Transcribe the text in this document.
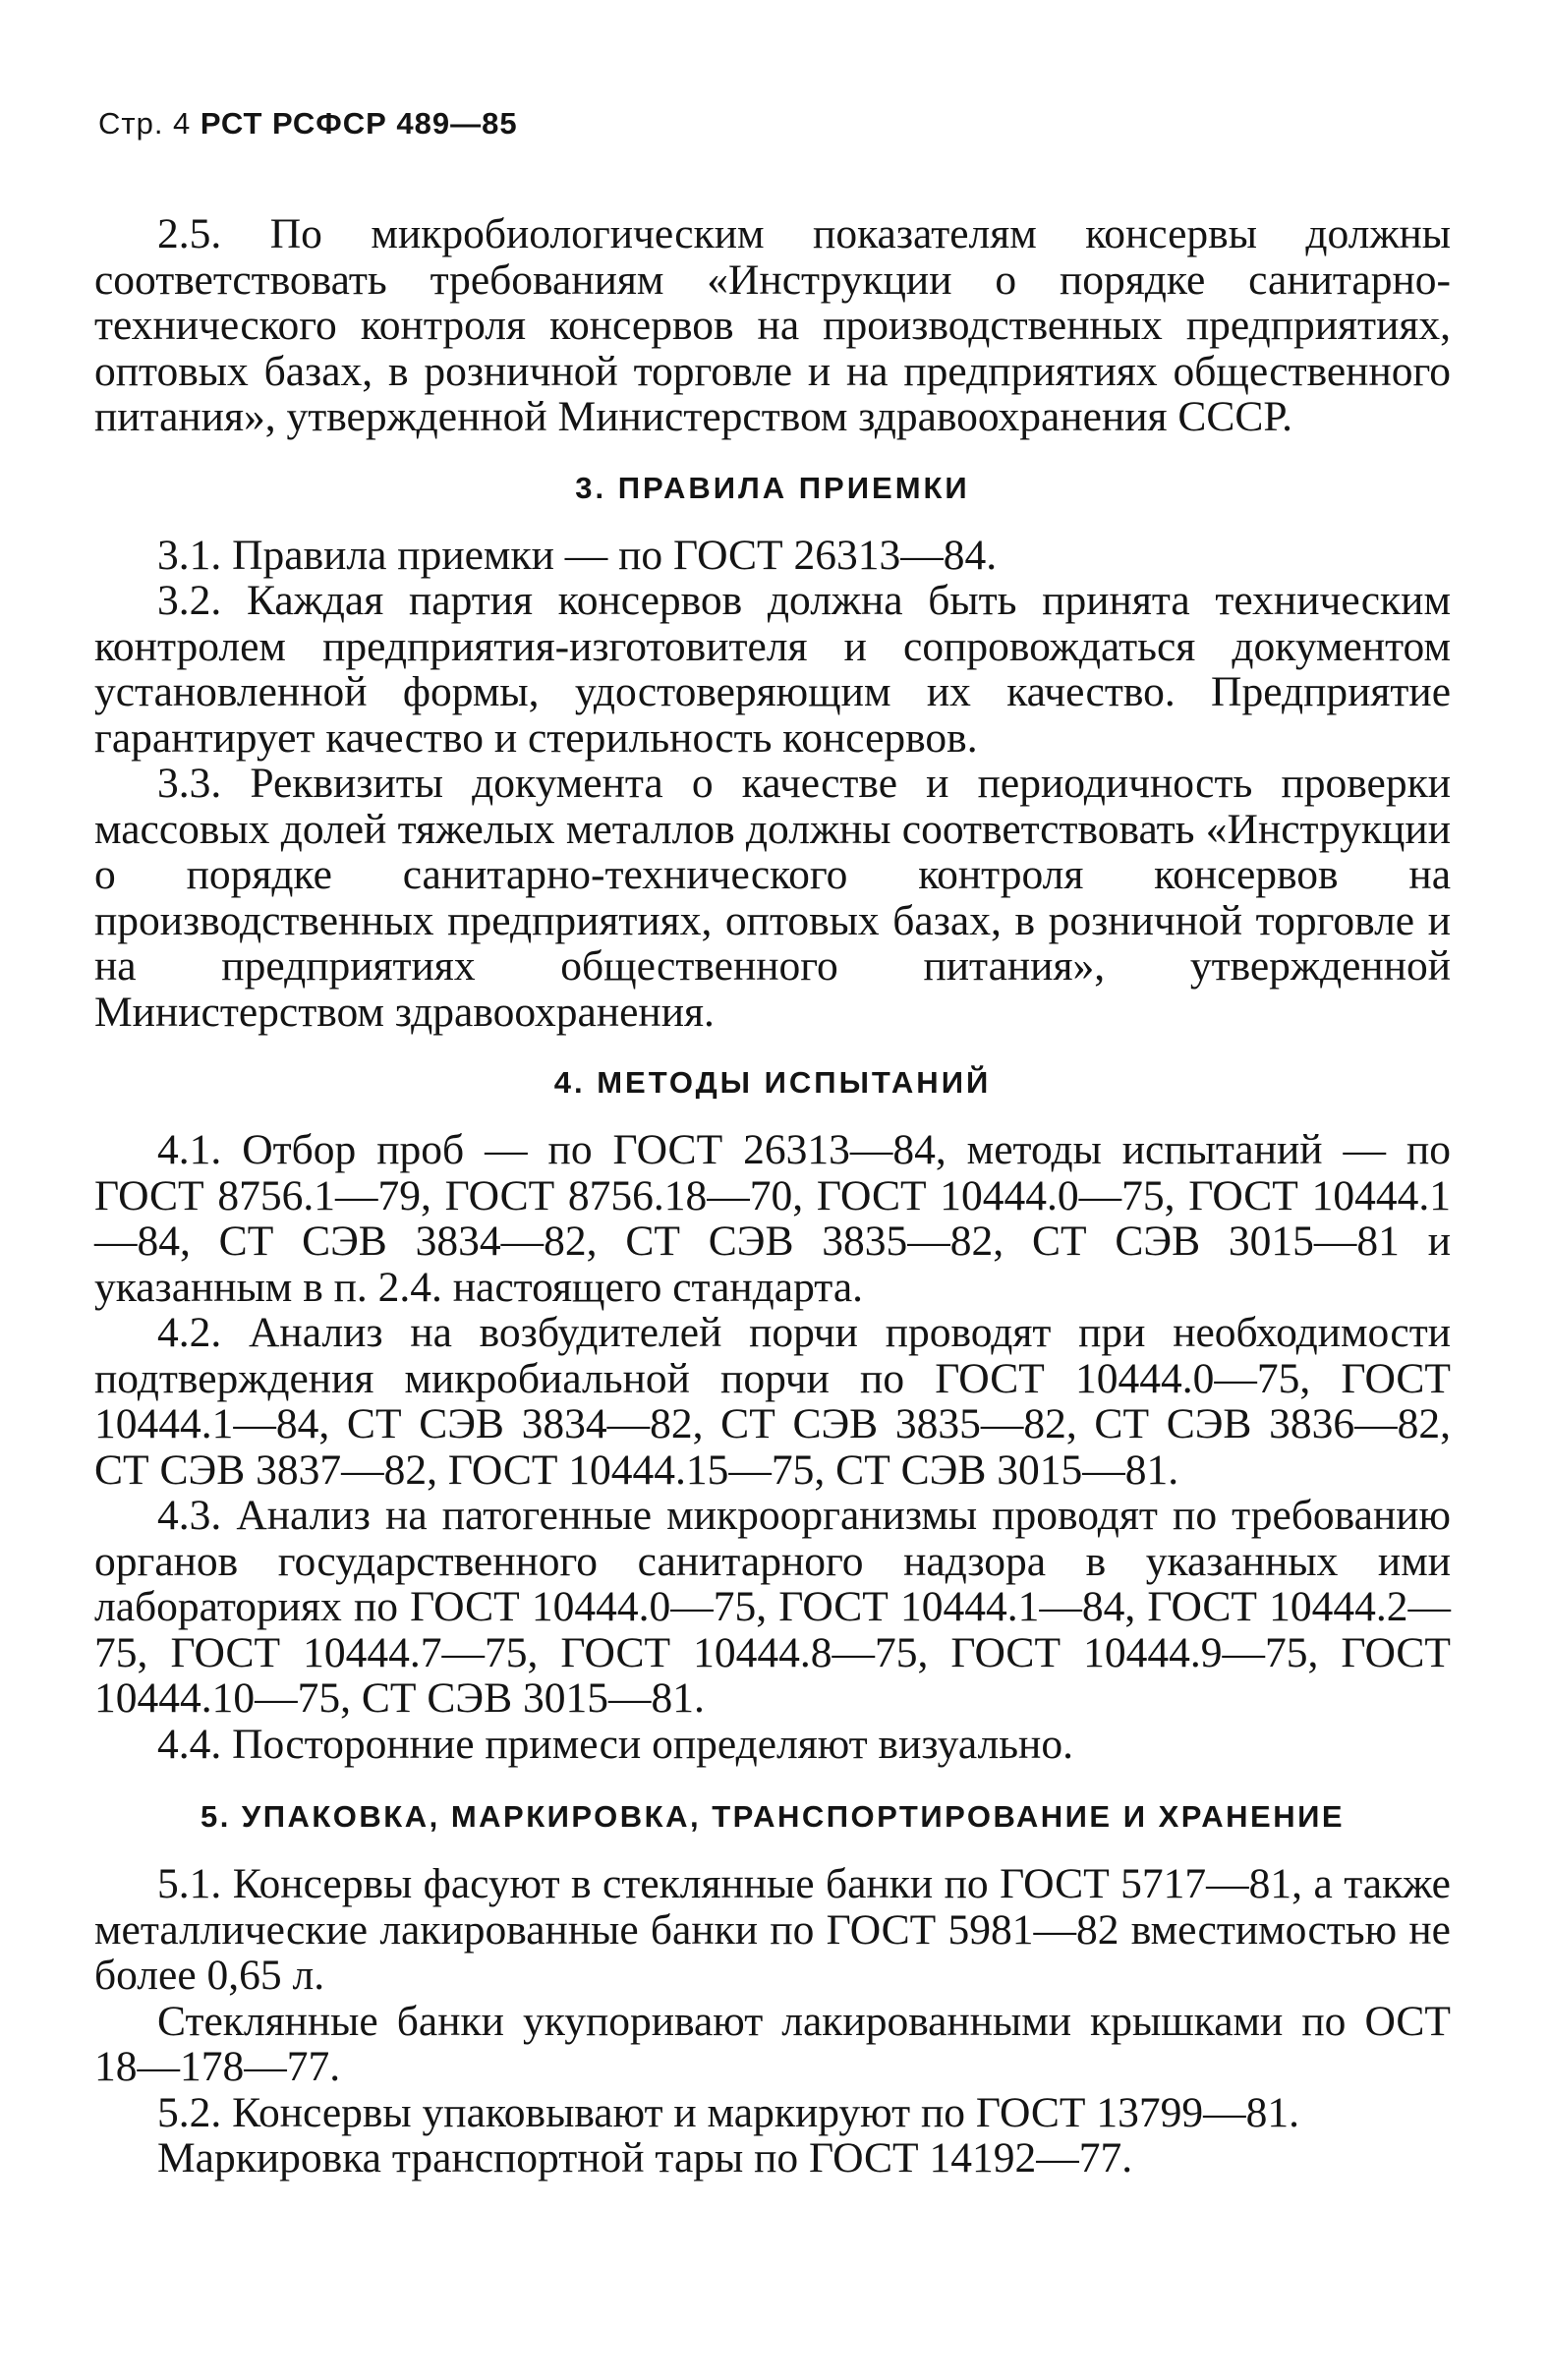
Стр. 4 РСТ РСФСР 489—85

2.5. По микробиологическим показателям консервы должны соответствовать требованиям «Инструкции о порядке санитарно-технического контроля консервов на производственных предприятиях, оптовых базах, в розничной торговле и на предприятиях общественного питания», утвержденной Министерством здравоохранения СССР.

3. ПРАВИЛА ПРИЕМКИ

3.1. Правила приемки — по ГОСТ 26313—84.

3.2. Каждая партия консервов должна быть принята техническим контролем предприятия-изготовителя и сопровождаться документом установленной формы, удостоверяющим их качество. Предприятие гарантирует качество и стерильность консервов.

3.3. Реквизиты документа о качестве и периодичность проверки массовых долей тяжелых металлов должны соответствовать «Инструкции о порядке санитарно-технического контроля консервов на производственных предприятиях, оптовых базах, в розничной торговле и на предприятиях общественного питания», утвержденной Министерством здравоохранения.

4. МЕТОДЫ ИСПЫТАНИЙ

4.1. Отбор проб — по ГОСТ 26313—84, методы испытаний — по ГОСТ 8756.1—79, ГОСТ 8756.18—70, ГОСТ 10444.0—75, ГОСТ 10444.1—84, СТ СЭВ 3834—82, СТ СЭВ 3835—82, СТ СЭВ 3015—81 и указанным в п. 2.4. настоящего стандарта.

4.2. Анализ на возбудителей порчи проводят при необходимости подтверждения микробиальной порчи по ГОСТ 10444.0—75, ГОСТ 10444.1—84, СТ СЭВ 3834—82, СТ СЭВ 3835—82, СТ СЭВ 3836—82, СТ СЭВ 3837—82, ГОСТ 10444.15—75, СТ СЭВ 3015—81.

4.3. Анализ на патогенные микроорганизмы проводят по требованию органов государственного санитарного надзора в указанных ими лабораториях по ГОСТ 10444.0—75, ГОСТ 10444.1—84, ГОСТ 10444.2—75, ГОСТ 10444.7—75, ГОСТ 10444.8—75, ГОСТ 10444.9—75, ГОСТ 10444.10—75, СТ СЭВ 3015—81.

4.4. Посторонние примеси определяют визуально.

5. УПАКОВКА, МАРКИРОВКА, ТРАНСПОРТИРОВАНИЕ И ХРАНЕНИЕ

5.1. Консервы фасуют в стеклянные банки по ГОСТ 5717—81, а также металлические лакированные банки по ГОСТ 5981—82 вместимостью не более 0,65 л.

Стеклянные банки укупоривают лакированными крышками по ОСТ 18—178—77.

5.2. Консервы упаковывают и маркируют по ГОСТ 13799—81.

Маркировка транспортной тары по ГОСТ 14192—77.
